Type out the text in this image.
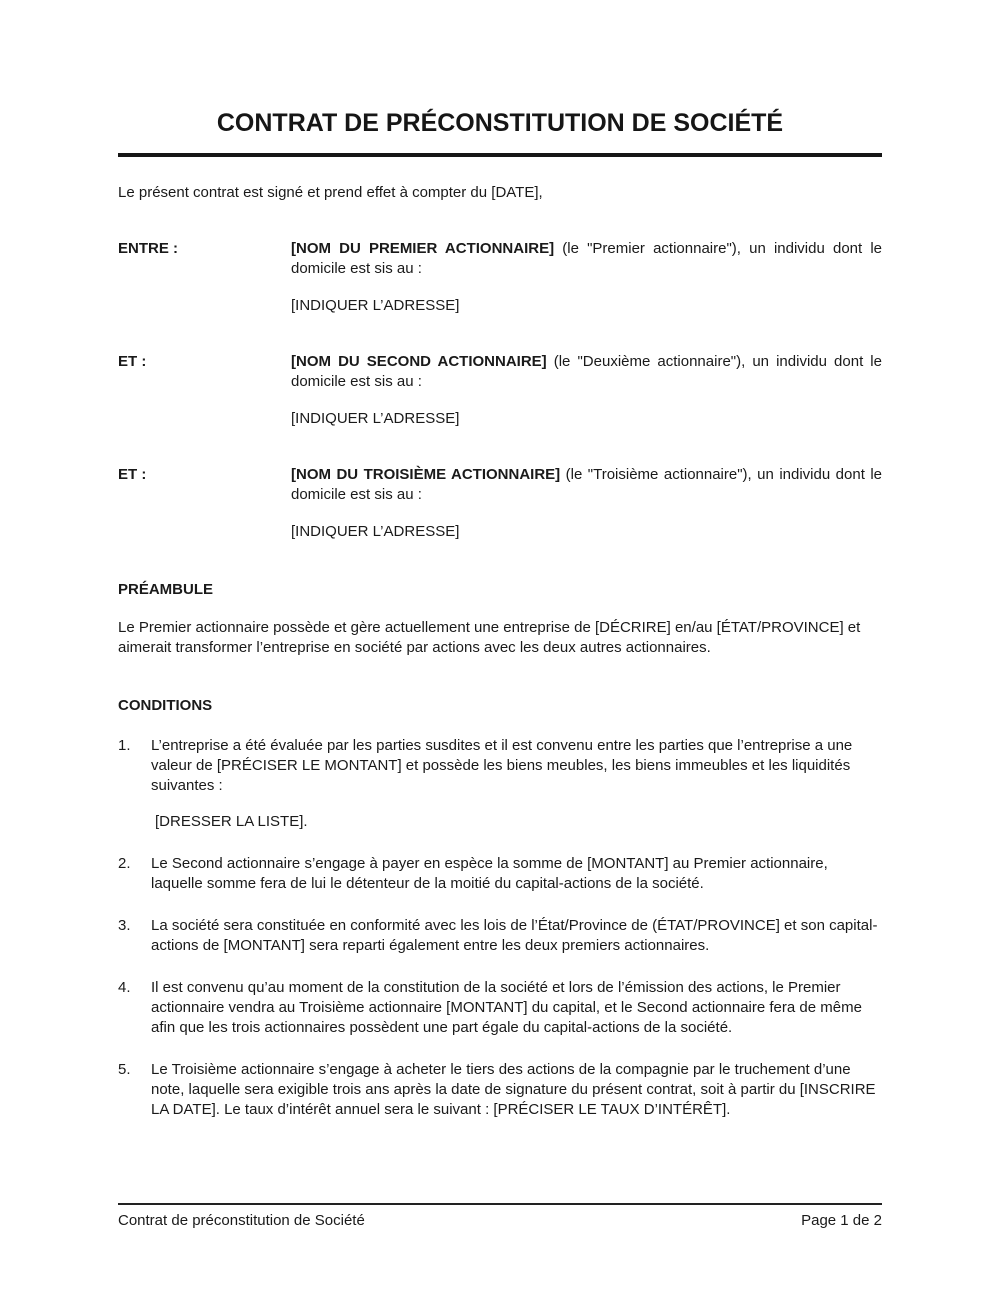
CONTRAT DE PRÉCONSTITUTION DE SOCIÉTÉ

Le présent contrat est signé et prend effet à compter du [DATE],

ENTRE :	[NOM DU PREMIER ACTIONNAIRE] (le "Premier actionnaire"), un individu dont le domicile est sis au :

[INDIQUER L’ADRESSE]

ET :	[NOM DU SECOND ACTIONNAIRE] (le "Deuxième actionnaire"), un individu dont le domicile est sis au :

[INDIQUER L’ADRESSE]

ET :	[NOM DU TROISIÈME ACTIONNAIRE] (le "Troisième actionnaire"), un individu dont le domicile est sis au :

[INDIQUER L’ADRESSE]

PRÉAMBULE

Le Premier actionnaire possède et gère actuellement une entreprise de [DÉCRIRE] en/au [ÉTAT/PROVINCE] et aimerait transformer l’entreprise en société par actions avec les deux autres actionnaires.

CONDITIONS
1.	L’entreprise a été évaluée par les parties susdites et il est convenu entre les parties que l’entreprise a une valeur de [PRÉCISER LE MONTANT] et possède les biens meubles, les biens immeubles et les liquidités suivantes :

[DRESSER LA LISTE].

2.	Le Second actionnaire s’engage à payer en espèce la somme de [MONTANT] au Premier actionnaire, laquelle somme fera de lui le détenteur de la moitié du capital-actions de la société.

3.	La société sera constituée en conformité avec les lois de l’État/Province de (ÉTAT/PROVINCE] et son capital-actions de [MONTANT] sera reparti également entre les deux premiers actionnaires.

4.	Il est convenu qu’au moment de la constitution de la société et lors de l’émission des actions, le Premier actionnaire vendra au Troisième actionnaire [MONTANT] du capital, et le Second actionnaire fera de même afin que les trois actionnaires possèdent une part égale du capital-actions de la société.

5.	Le Troisième actionnaire s’engage à acheter le tiers des actions de la compagnie par le truchement d’une note, laquelle sera exigible trois ans après la date de signature du présent contrat, soit à partir du [INSCRIRE LA DATE]. Le taux d’intérêt annuel sera le suivant : [PRÉCISER LE TAUX D’INTÉRÊT].

Contrat de préconstitution de Société	Page 1 de 2
